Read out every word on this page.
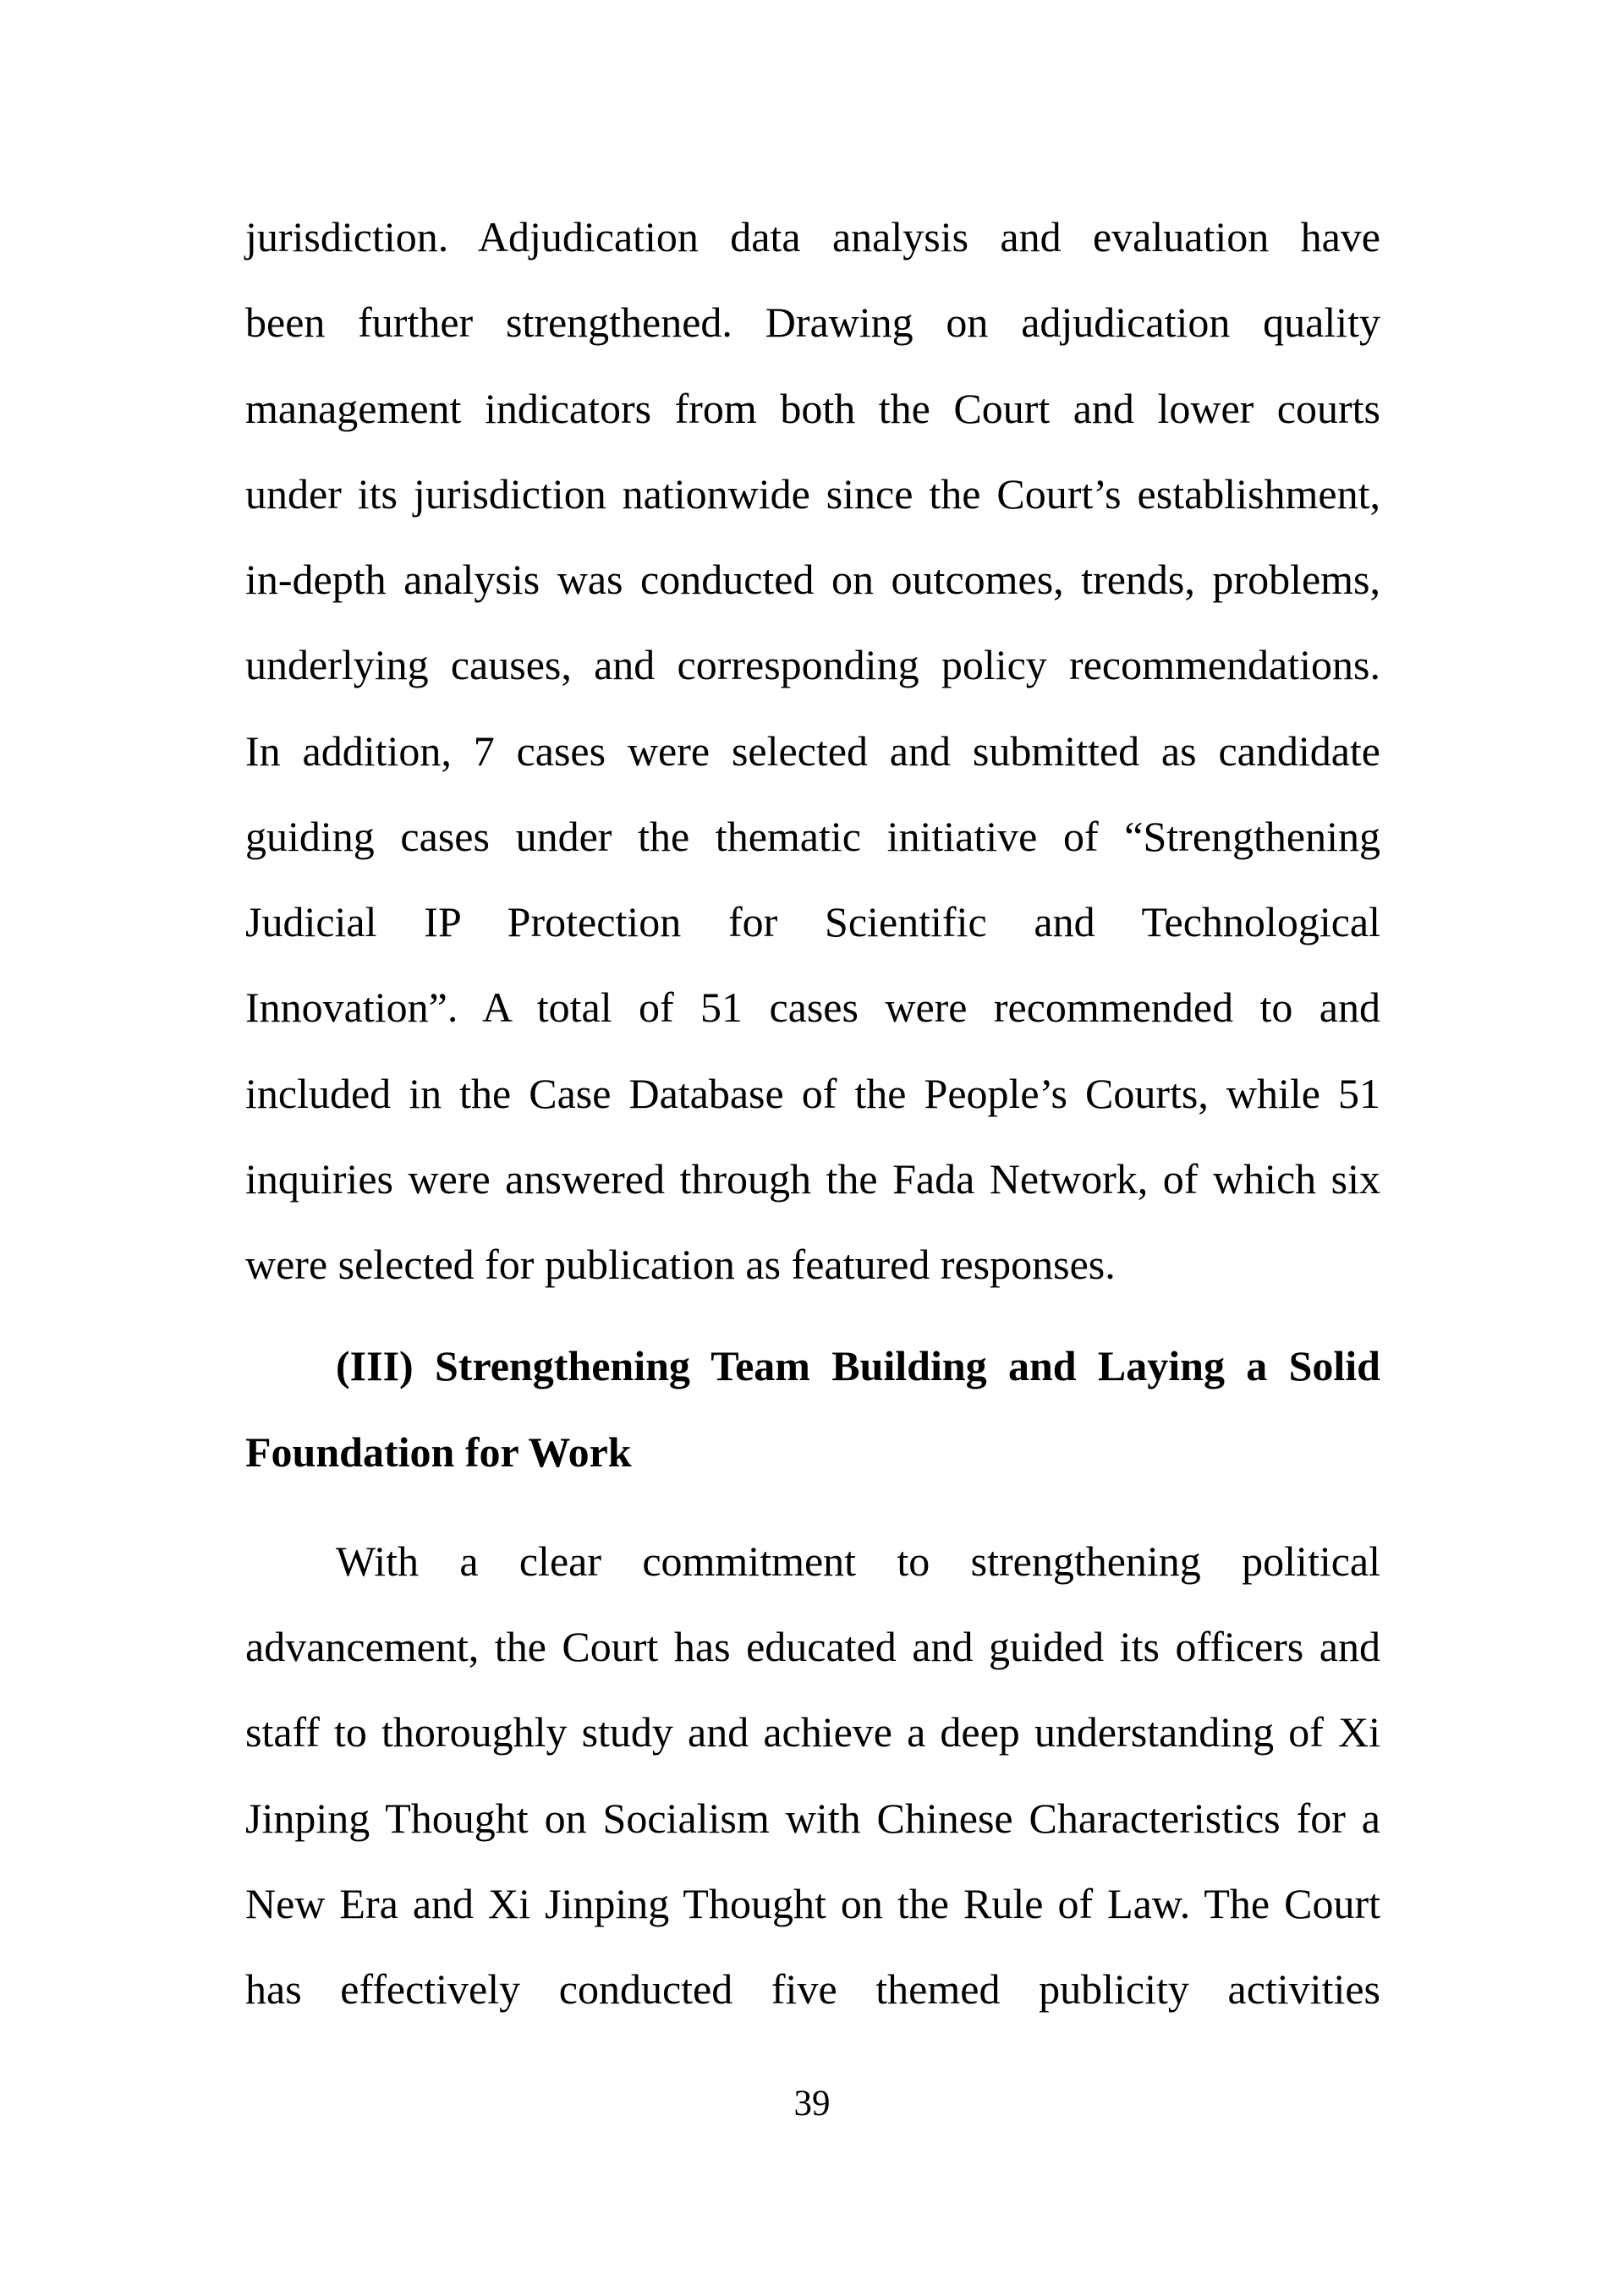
jurisdiction. Adjudication data analysis and evaluation have
been further strengthened. Drawing on adjudication quality
management indicators from both the Court and lower courts
under its jurisdiction nationwide since the Court’s establishment,
in-depth analysis was conducted on outcomes, trends, problems,
underlying causes, and corresponding policy recommendations.
In addition, 7 cases were selected and submitted as candidate
guiding cases under the thematic initiative of “Strengthening
Judicial IP Protection for Scientific and Technological
Innovation”. A total of 51 cases were recommended to and
included in the Case Database of the People’s Courts, while 51
inquiries were answered through the Fada Network, of which six
were selected for publication as featured responses.
(III) Strengthening Team Building and Laying a Solid
Foundation for Work
With a clear commitment to strengthening political
advancement, the Court has educated and guided its officers and
staff to thoroughly study and achieve a deep understanding of Xi
Jinping Thought on Socialism with Chinese Characteristics for a
New Era and Xi Jinping Thought on the Rule of Law. The Court
has effectively conducted five themed publicity activities
39
